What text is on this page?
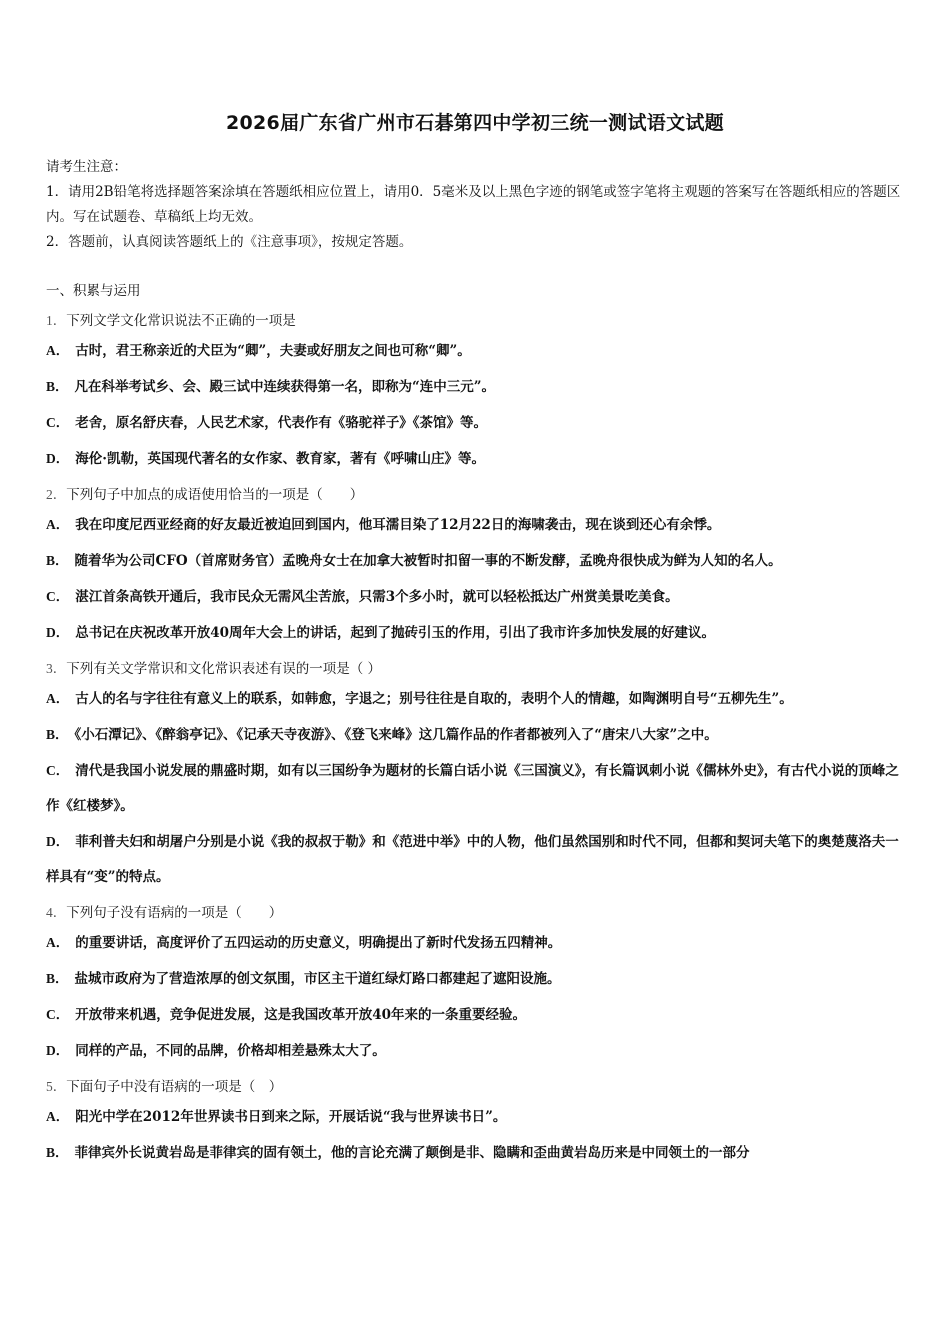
2026届广东省广州市石碁第四中学初三统一测试语文试题
请考生注意：
1．请用2B铅笔将选择题答案涂填在答题纸相应位置上，请用0．5毫米及以上黑色字迹的钢笔或签字笔将主观题的答案写在答题纸相应的答题区内。写在试题卷、草稿纸上均无效。
2．答题前，认真阅读答题纸上的《注意事项》，按规定答题。
一、积累与运用
1．下列文学文化常识说法不正确的一项是
A． 古时，君王称亲近的犬臣为“卿”，夫妻或好朋友之间也可称“卿”。
B． 凡在科举考试乡、会、殿三试中连续获得第一名，即称为“连中三元”。
C． 老舍，原名舒庆春，人民艺术家，代表作有《骆驼祥子》《茶馆》等。
D． 海伦·凯勒，英国现代著名的女作家、教育家，著有《呼啸山庄》等。
2．下列句子中加点的成语使用恰当的一项是（　　）
A． 我在印度尼西亚经商的好友最近被迫回到国内，他耳濡目染了12月22日的海啸袭击，现在谈到还心有余悸。
B． 随着华为公司CFO（首席财务官）孟晚舟女士在加拿大被暂时扣留一事的不断发酵，孟晚舟很快成为鲜为人知的名人。
C． 湛江首条高铁开通后，我市民众无需风尘苦旅，只需3个多小时，就可以轻松抵达广州赏美景吃美食。
D． 总书记在庆祝改革开放40周年大会上的讲话，起到了抛砖引玉的作用，引出了我市许多加快发展的好建议。
3．下列有关文学常识和文化常识表述有误的一项是（ ）
A． 古人的名与字往往有意义上的联系，如韩愈，字退之；别号往往是自取的，表明个人的情趣，如陶渊明自号“五柳先生”。
B． 《小石潭记》、《醉翁亭记》、《记承天寺夜游》、《登飞来峰》这几篇作品的作者都被列入了“唐宋八大家”之中。
C． 清代是我国小说发展的鼎盛时期，如有以三国纷争为题材的长篇白话小说《三国演义》，有长篇讽刺小说《儒林外史》，有古代小说的顶峰之作《红楼梦》。
D． 菲利普夫妇和胡屠户分别是小说《我的叔叔于勒》和《范进中举》中的人物，他们虽然国别和时代不同，但都和契诃夫笔下的奥楚蔑洛夫一样具有“变”的特点。
4．下列句子没有语病的一项是（　　）
A． 的重要讲话，高度评价了五四运动的历史意义，明确提出了新时代发扬五四精神。
B． 盐城市政府为了营造浓厚的创文氛围，市区主干道红绿灯路口都建起了遮阳设施。
C． 开放带来机遇，竞争促进发展，这是我国改革开放40年来的一条重要经验。
D． 同样的产品，不同的品牌，价格却相差悬殊太大了。
5．下面句子中没有语病的一项是（　）
A． 阳光中学在2012年世界读书日到来之际，开展话说“我与世界读书日”。
B． 菲律宾外长说黄岩岛是菲律宾的固有领土，他的言论充满了颠倒是非、隐瞒和歪曲黄岩岛历来是中同领土的一部分
